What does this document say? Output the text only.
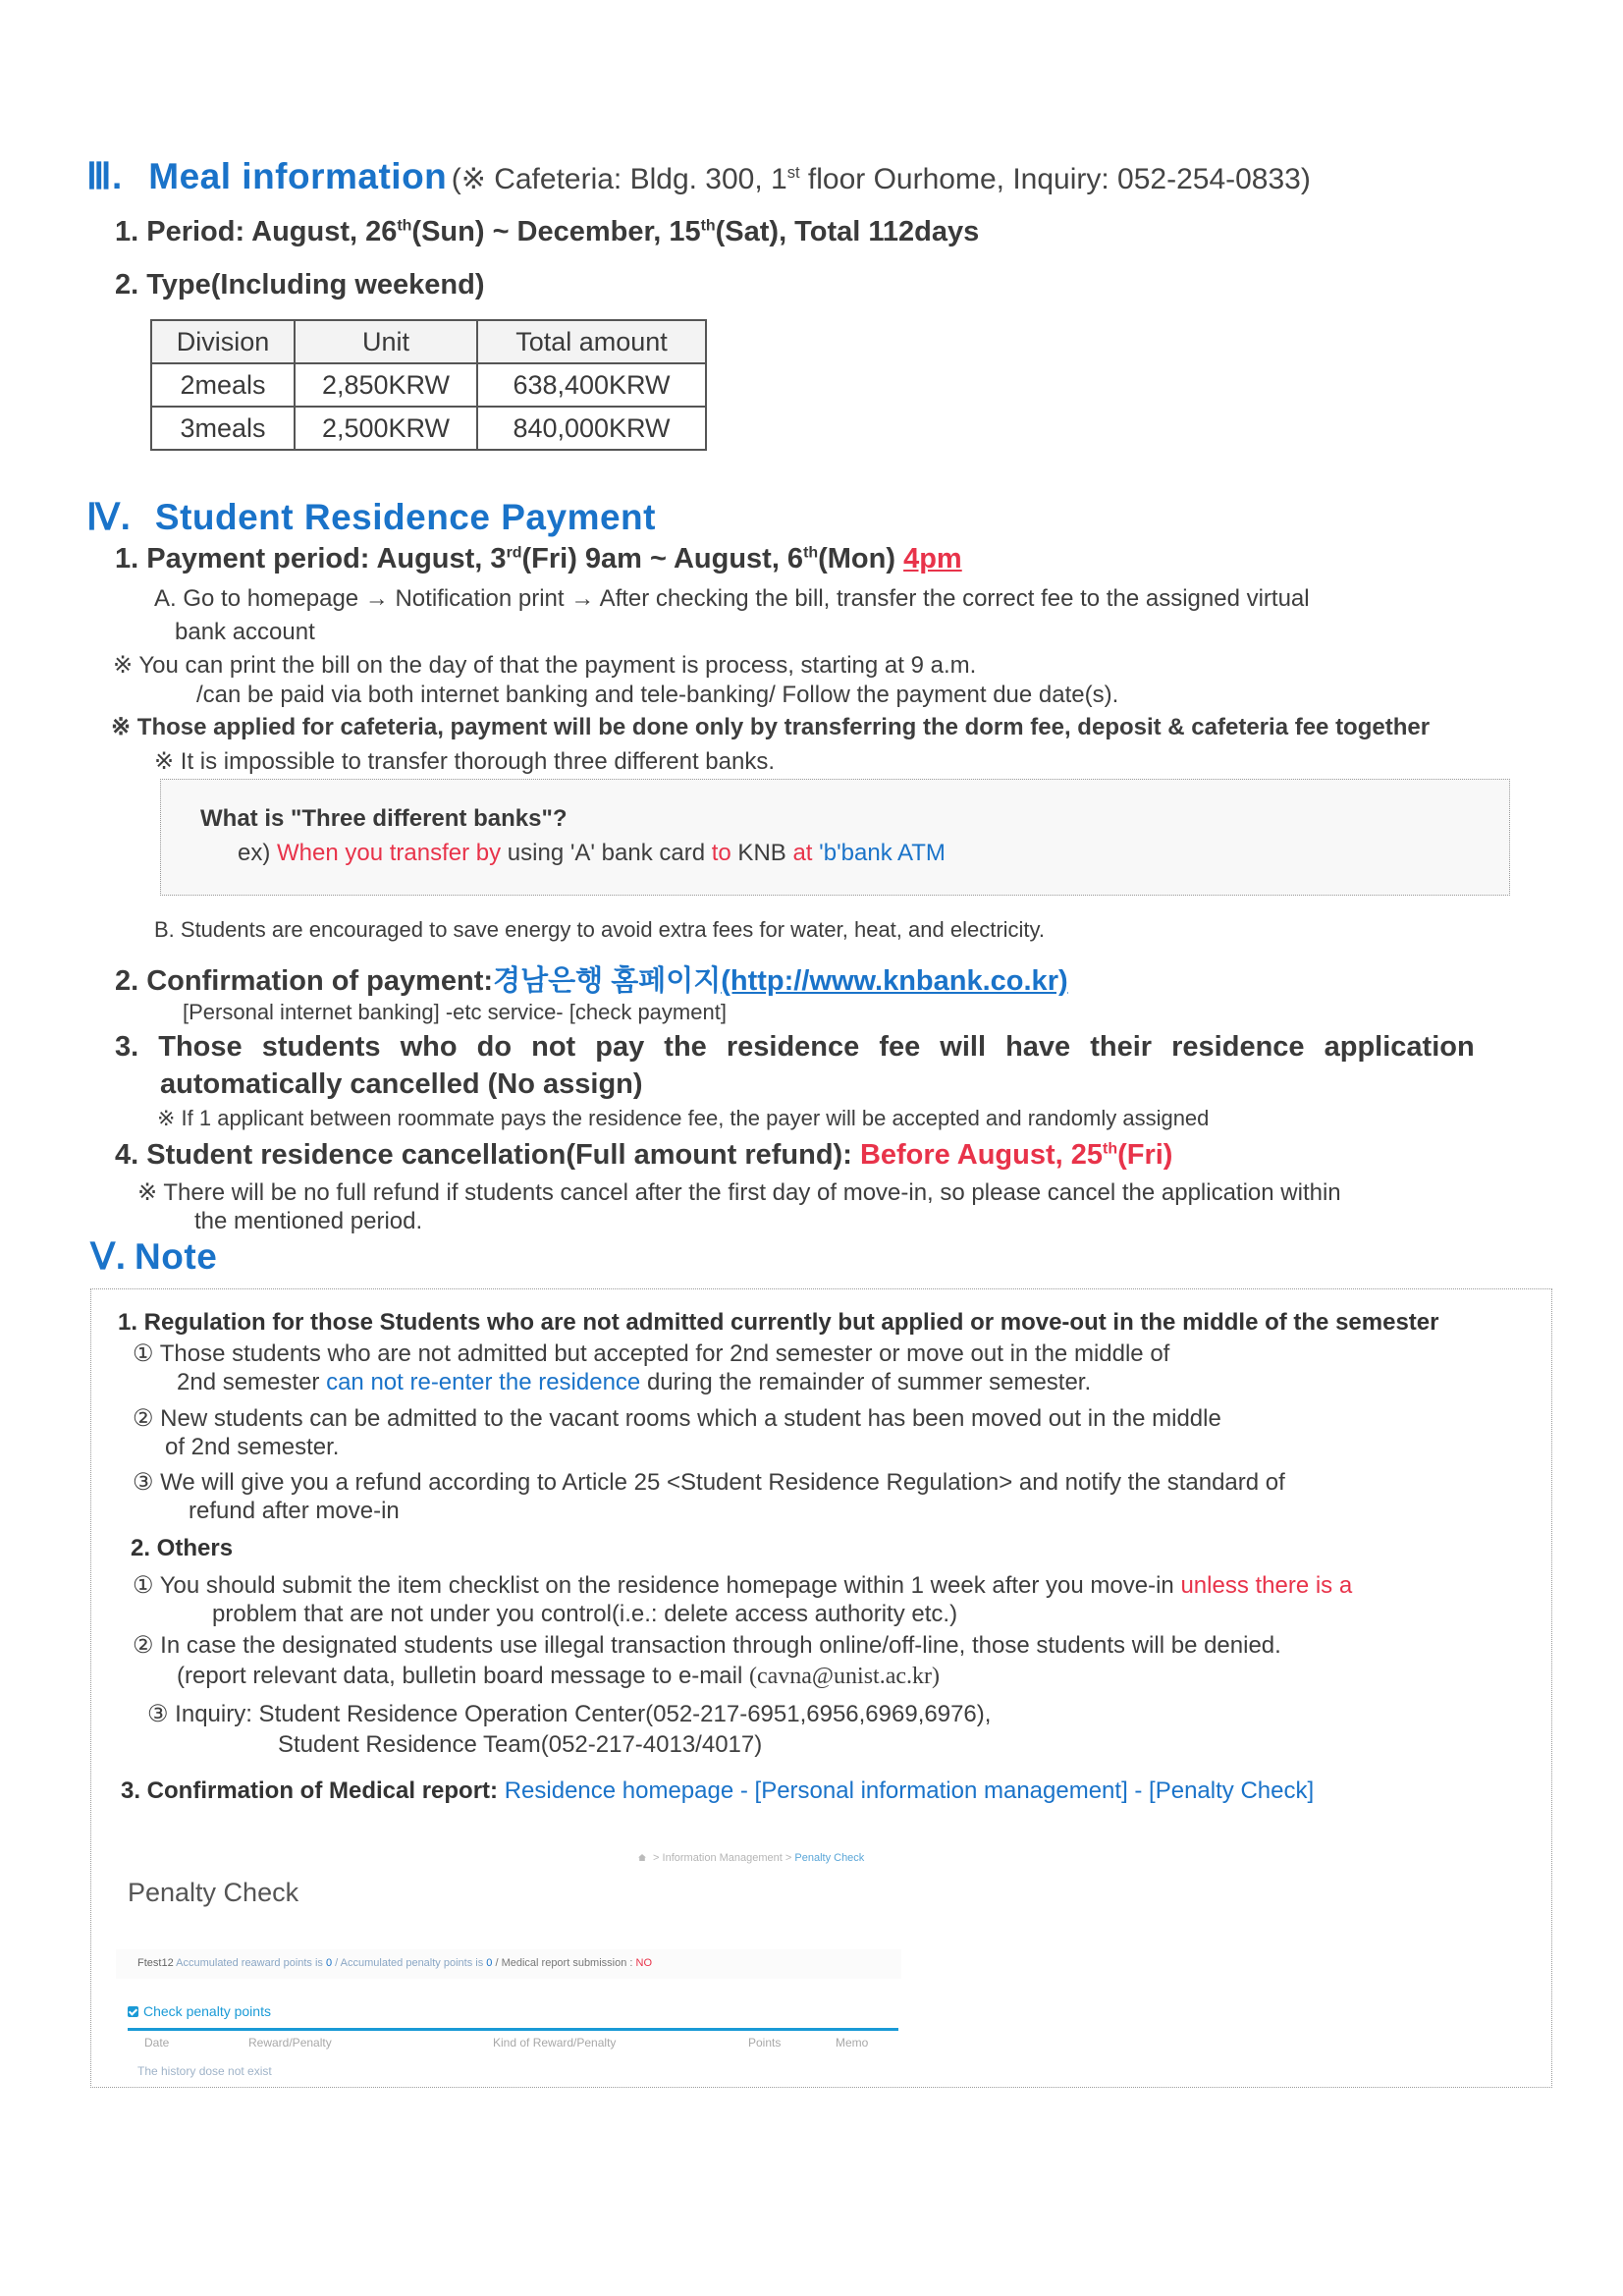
Ⅲ. Meal information (※ Cafeteria: Bldg. 300, 1st floor Ourhome, Inquiry: 052-254-0833)
1. Period: August, 26th(Sun) ~ December, 15th(Sat), Total 112days
2. Type(Including weekend)
Division	Unit	Total amount
2meals	2,850KRW	638,400KRW
3meals	2,500KRW	840,000KRW
Ⅳ. Student Residence Payment
1. Payment period: August, 3rd(Fri) 9am ~ August, 6th(Mon) 4pm
A. Go to homepage → Notification print → After checking the bill, transfer the correct fee to the assigned virtual
bank account
※ You can print the bill on the day of that the payment is process, starting at 9 a.m.
/can be paid via both internet banking and tele-banking/ Follow the payment due date(s).
※ Those applied for cafeteria, payment will be done only by transferring the dorm fee, deposit & cafeteria fee together
※ It is impossible to transfer thorough three different banks.
What is "Three different banks"?
ex) When you transfer by using 'A' bank card to KNB at 'b'bank ATM
B. Students are encouraged to save energy to avoid extra fees for water, heat, and electricity.
2. Confirmation of payment:경남은행 홈페이지(http://www.knbank.co.kr)
[Personal internet banking] -etc service- [check payment]
3. Those students who do not pay the residence fee will have their residence application
automatically cancelled (No assign)
※ If 1 applicant between roommate pays the residence fee, the payer will be accepted and randomly assigned
4. Student residence cancellation(Full amount refund): Before August, 25th(Fri)
※ There will be no full refund if students cancel after the first day of move-in, so please cancel the application within
the mentioned period.
Ⅴ. Note
1. Regulation for those Students who are not admitted currently but applied or move-out in the middle of the semester
① Those students who are not admitted but accepted for 2nd semester or move out in the middle of
2nd semester can not re-enter the residence during the remainder of summer semester.
② New students can be admitted to the vacant rooms which a student has been moved out in the middle
of 2nd semester.
③ We will give you a refund according to Article 25 <Student Residence Regulation> and notify the standard of
refund after move-in
2. Others
① You should submit the item checklist on the residence homepage within 1 week after you move-in unless there is a
problem that are not under you control(i.e.: delete access authority etc.)
② In case the designated students use illegal transaction through online/off-line, those students will be denied.
(report relevant data, bulletin board message to e-mail (cavna@unist.ac.kr)
③ Inquiry: Student Residence Operation Center(052-217-6951,6956,6969,6976),
Student Residence Team(052-217-4013/4017)
3. Confirmation of Medical report: Residence homepage - [Personal information management] - [Penalty Check]
> Information Management > Penalty Check
Penalty Check
Ftest12 Accumulated reaward points is 0 / Accumulated penalty points is 0 / Medical report submission : NO
Check penalty points
Date	Reward/Penalty	Kind of Reward/Penalty	Points	Memo
The history dose not exist
